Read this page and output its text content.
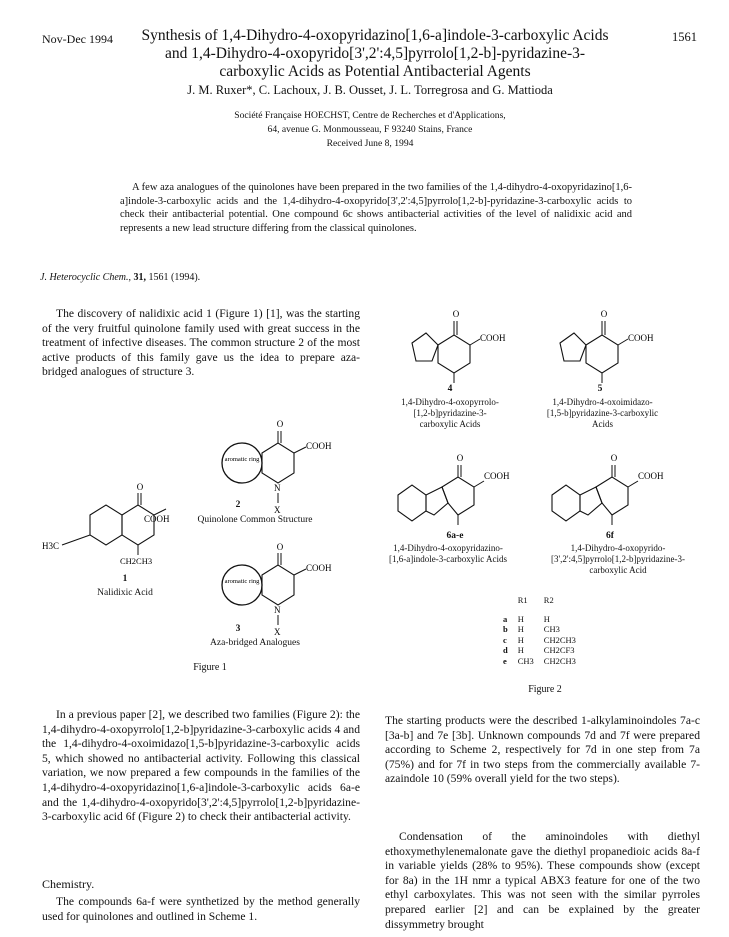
Nov-Dec 1994	1561
Synthesis of 1,4-Dihydro-4-oxopyridazino[1,6-a]indole-3-carboxylic Acids and 1,4-Dihydro-4-oxopyrido[3',2':4,5]pyrrolo[1,2-b]-pyridazine-3-carboxylic Acids as Potential Antibacterial Agents
J. M. Ruxer*, C. Lachoux, J. B. Ousset, J. L. Torregrosa and G. Mattioda
Société Française HOECHST, Centre de Recherches et d'Applications,
64, avenue G. Monmousseau, F 93240 Stains, France
Received June 8, 1994
A few aza analogues of the quinolones have been prepared in the two families of the 1,4-dihydro-4-oxopyridazino[1,6-a]indole-3-carboxylic acids and the 1,4-dihydro-4-oxopyrido[3',2':4,5]pyrrolo[1,2-b]-pyridazine-3-carboxylic acids to check their antibacterial potential. One compound 6c shows antibacterial activities of the level of nalidixic acid and represents a new lead structure differing from the classical quinolones.
J. Heterocyclic Chem., 31, 1561 (1994).
The discovery of nalidixic acid 1 (Figure 1) [1], was the starting of the very fruitful quinolone family used with great success in the treatment of infective diseases. The common structure 2 of the most active products of this family gave us the idea to prepare aza-bridged analogues of structure 3.
aromatic ring
O
COOH
N
X
O
COOH
H3C
CH2CH3
aromatic ring
O
COOH
N
X
2
Quinolone Common Structure
1
Nalidixic Acid
3
Aza-bridged Analogues
Figure 1
O
COOH
O
COOH
O
COOH
O
COOH
4
1,4-Dihydro-4-oxopyrrolo-[1,2-b]pyridazine-3-carboxylic Acids
5
1,4-Dihydro-4-oxoimidazo-[1,5-b]pyridazine-3-carboxylic Acids
6a-e
1,4-Dihydro-4-oxopyridazino-[1,6-a]indole-3-carboxylic Acids
6f
1,4-Dihydro-4-oxopyrido-[3',2':4,5]pyrrolo[1,2-b]pyridazine-3-carboxylic Acid
	R1	R2

a	H	H
b	H	CH3
c	H	CH2CH3
d	H	CH2CF3
e	CH3	CH2CH3
Figure 2
In a previous paper [2], we described two families (Figure 2): the 1,4-dihydro-4-oxopyrrolo[1,2-b]pyridazine-3-carboxylic acids 4 and the 1,4-dihydro-4-oxoimidazo[1,5-b]pyridazine-3-carboxylic acids 5, which showed no antibacterial activity. Following this classical variation, we now prepared a few compounds in the families of the 1,4-dihydro-4-oxopyridazino[1,6-a]indole-3-carboxylic acids 6a-e and the 1,4-dihydro-4-oxopyrido[3',2':4,5]pyrrolo[1,2-b]pyridazine-3-carboxylic acid 6f (Figure 2) to check their antibacterial activity.
Chemistry.
The compounds 6a-f were synthetized by the method generally used for quinolones and outlined in Scheme 1.
The starting products were the described 1-alkylaminoindoles 7a-c [3a-b] and 7e [3b]. Unknown compounds 7d and 7f were prepared according to Scheme 2, respectively for 7d in one step from 7a (75%) and for 7f in two steps from the commercially available 7-azaindole 10 (59% overall yield for the two steps).
Condensation of the aminoindoles with diethyl ethoxymethylenemalonate gave the diethyl propanedioic acids 8a-f in variable yields (28% to 95%). These compounds show (except for 8a) in the 1H nmr a typical ABX3 feature for one of the two ethyl carboxylates. This was not seen with the similar pyrroles prepared earlier [2] and can be explained by the greater dissymmetry brought
